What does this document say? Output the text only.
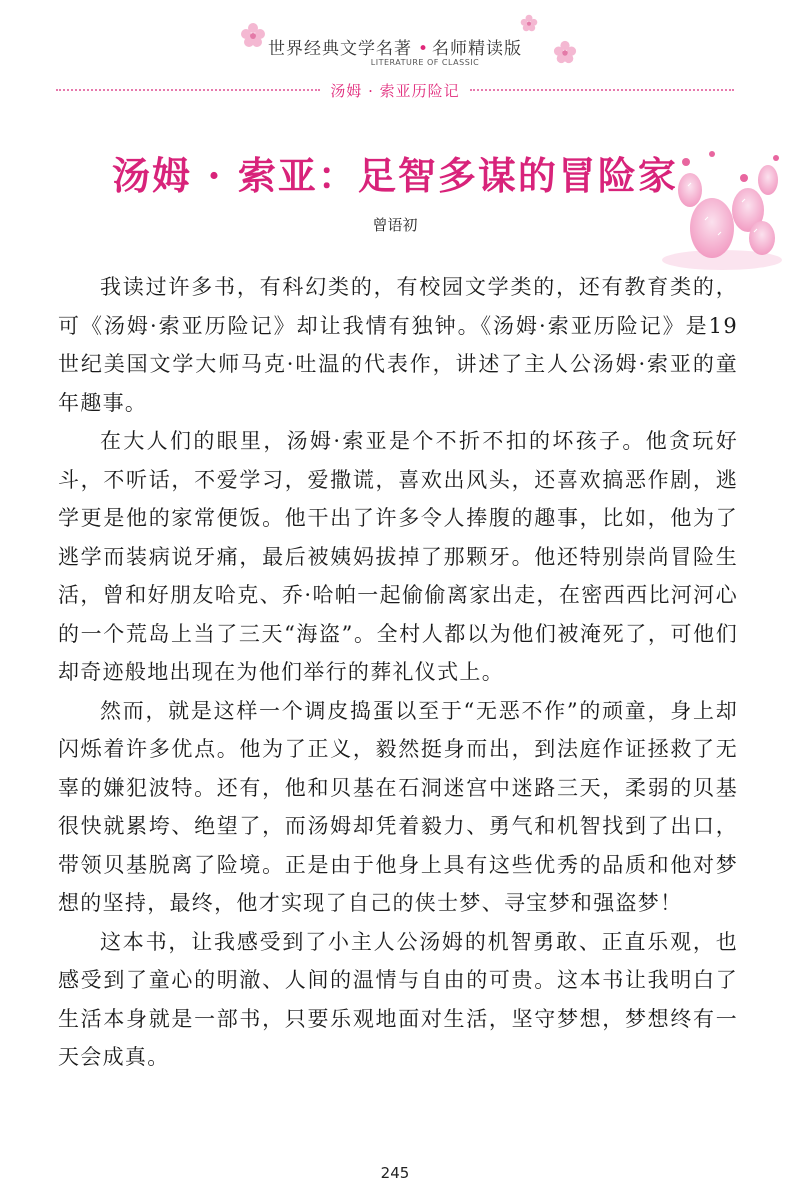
世界经典文学名著 • 名师精读版
LITERATURE OF CLASSIC
汤姆 · 索亚历险记
汤姆 · 索亚：足智多谋的冒险家
曾语初

我读过许多书，有科幻类的，有校园文学类的，还有教育类的，可《汤姆·索亚历险记》却让我情有独钟。《汤姆·索亚历险记》是19世纪美国文学大师马克·吐温的代表作，讲述了主人公汤姆·索亚的童年趣事。

在大人们的眼里，汤姆·索亚是个不折不扣的坏孩子。他贪玩好斗，不听话，不爱学习，爱撒谎，喜欢出风头，还喜欢搞恶作剧，逃学更是他的家常便饭。他干出了许多令人捧腹的趣事，比如，他为了逃学而装病说牙痛，最后被姨妈拔掉了那颗牙。他还特别崇尚冒险生活，曾和好朋友哈克、乔·哈帕一起偷偷离家出走，在密西西比河河心的一个荒岛上当了三天“海盗”。全村人都以为他们被淹死了，可他们却奇迹般地出现在为他们举行的葬礼仪式上。

然而，就是这样一个调皮捣蛋以至于“无恶不作”的顽童，身上却闪烁着许多优点。他为了正义，毅然挺身而出，到法庭作证拯救了无辜的嫌犯波特。还有，他和贝基在石洞迷宫中迷路三天，柔弱的贝基很快就累垮、绝望了，而汤姆却凭着毅力、勇气和机智找到了出口，带领贝基脱离了险境。正是由于他身上具有这些优秀的品质和他对梦想的坚持，最终，他才实现了自己的侠士梦、寻宝梦和强盗梦！

这本书，让我感受到了小主人公汤姆的机智勇敢、正直乐观，也感受到了童心的明澈、人间的温情与自由的可贵。这本书让我明白了生活本身就是一部书，只要乐观地面对生活，坚守梦想，梦想终有一天会成真。

245
